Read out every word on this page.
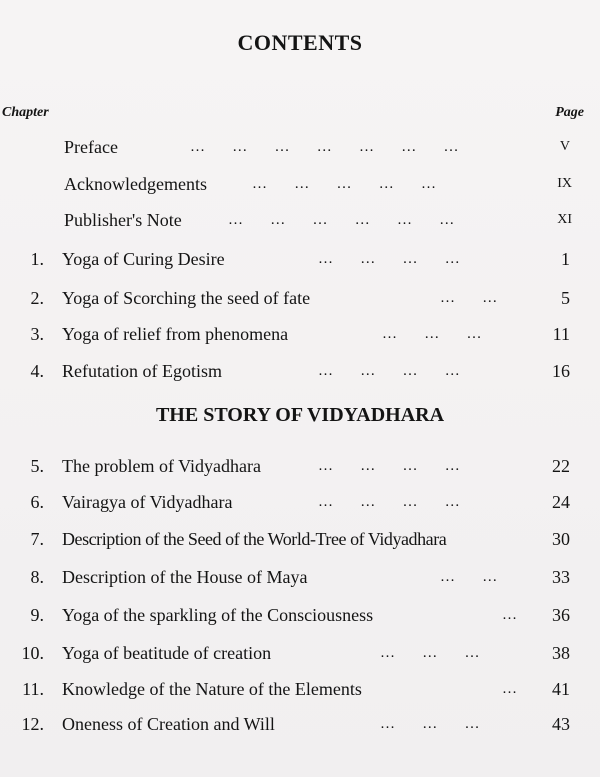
CONTENTS
Chapter	Page
Preface	…   …   …   …   …   …   …	V
Acknowledgements	…   …   …   …   …	IX
Publisher's Note	…   …   …   …   …   …	XI
1. Yoga of Curing Desire	…   …   …   …	1
2. Yoga of Scorching the seed of fate	…   …	5
3. Yoga of relief from phenomena	…   …   …	11
4. Refutation of Egotism	…   …   …   …	16
THE STORY OF VIDYADHARA
5. The problem of Vidyadhara	…   …   …   …	22
6. Vairagya of Vidyadhara	…   …   …   …	24
7. Description of the Seed of the World-Tree of Vidyadhara	30
8. Description of the House of Maya	…   …	33
9. Yoga of the sparkling of the Consciousness	… 36
10. Yoga of beatitude of creation	…   …   …	38
11. Knowledge of the Nature of the Elements	… 41
12. Oneness of Creation and Will	…   …   …	43
